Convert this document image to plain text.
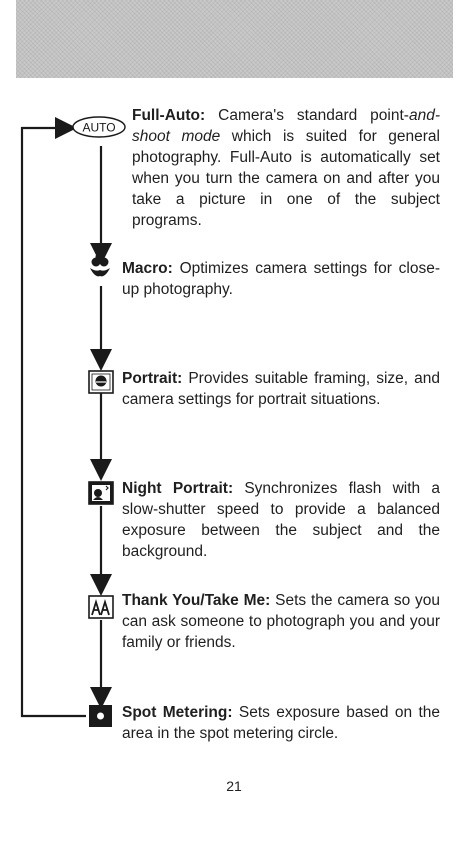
AUTO
Full-Auto: Camera's standard point-and-shoot mode which is suited for general photography. Full-Auto is automatically set when you turn the camera on and after you take a picture in one of the subject programs.
Macro: Optimizes camera settings for close-up photography.
Portrait: Provides suitable framing, size, and camera settings for portrait situations.
Night Portrait: Synchronizes flash with a slow-shutter speed to provide a balanced exposure between the subject and the background.
Thank You/Take Me: Sets the camera so you can ask someone to photograph you and your family or friends.
Spot Metering: Sets exposure based on the area in the spot metering circle.
21
